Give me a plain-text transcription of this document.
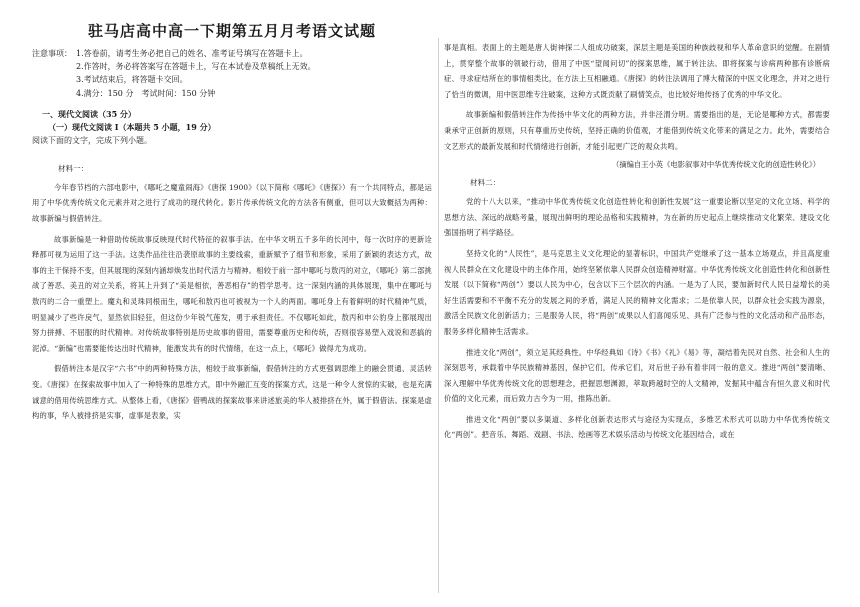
驻马店高中高一下期第五月月考语文试题
注意事项： 1.答卷前，请考生务必把自己的姓名、准考证号填写在答题卡上。
2.作答时，务必将答案写在答题卡上，写在本试卷及草稿纸上无效。
3.考试结束后，将答题卡交回。
4.满分：150 分　考试时间：150 分钟
一、现代文阅读（35 分）
（一）现代文阅读 I（本题共 5 小题，19 分）
阅读下面的文字，完成下列小题。
材料一：

今年春节档的六部电影中，《哪吒之魔童闹海》《唐探 1900》（以下简称《哪吒》《唐探》）有一个共同特点，都是运用了中华优秀传统文化元素并对之进行了成功的现代转化。影片传承传统文化的方法各有侧重，但可以大致概括为两种：故事新编与假借转注。

故事新编是一种借助传统故事反映现代时代特征的叙事手法。在中华文明五千多年的长河中，每一次时序的更新诠释都可视为运用了这一手法。这类作品往往沿袭原故事的主要线索，重新赋予了细节和形象，采用了新颖的表达方式，故事的主干保持不变，但其展现的深刻内涵却焕发出时代活力与精神。相较于前一部中哪吒与敖丙的对立，《哪吒》第二部挑战了善恶、美丑的对立关系，将其上升到了“美是相依，善恶相存”的哲学思考。这一深刻内涵的具体展现，集中在哪吒与敖丙的二合一重塑上。魔丸和灵珠同根而生，哪吒和敖丙也可被视为一个人的两面。哪吒身上有着鲜明的时代精神气质，明显减少了些许戾气，显然依旧轻狂，但这份少年锐气莲发，勇于承担责任。不仅哪吒如此，敖丙和申公豹身上都展现出努力拼搏、不屈服的时代精神。对传统故事特别是历史故事的借用，需要尊重历史和传统，否则很容易塑入戏说和恶搞的泥淖。“新编”也需要能传达出时代精神，能激发共有的时代情绪，在这一点上，《哪吒》做得尤为成功。

假借转注本是汉字“六书”中的两种特殊方法，相较于故事新编，假借转注的方式更强调思维上的融会贯通、灵活转变。《唐探》在探索故事中加入了一种特殊的思维方式，即中外融汇互变的探案方式，这是一种令人赏惊的实破，也是充满诚意的借用传统思维方式。从整体上看，《唐探》借鸭战的探案故事来讲述旅美的华人被排挤在外，属于假借法。探案是虚构的事，华人被排挤是实事，虚事是表象，实

事是真相。表面上的主题是唐人街神探二人组成功破案，深层主题是美国的种族歧视和华人革命意识的觉醒。在剧情上，贯穿整个故事的领破行动，借用了中医“望闻问切”的探案思维，属于转注法。即将探案与诊病两种都有诊断病症、寻求症结所在的事情相类比，在方法上互相融通。《唐探》的转注法调用了博大精深的中医文化理念，并对之进行了恰当的微调，用中医思维专注破案，这种方式既贡献了刷情笑点，也比较好地传扬了优秀的中华文化。

故事新编和假借转注作为传扬中华文化的两种方法，并非泾渭分明。需要指出的是，无论是哪种方式，都需要秉承守正创新的原则，只有尊重历史传统，坚持正确的价值观，才能借到传统文化带来的满足之力。此外，需要结合文艺形式的最新发展和时代情绪进行创新，才能引起更广泛的观众共鸣。

（摘编自王小英《电影叙事对中华优秀传统文化的创造性转化》）
材料二：

党的十八大以来，“推动中华优秀传统文化创造性转化和创新性发展”这一重要论断以坚定的文化立场、科学的思想方法、深远的战略考量，展现出鲜明的理论品格和实践精神，为在新的历史起点上继续推动文化繁荣、建设文化强国指明了科学路径。

坚持文化的“人民性”，是马克思主义文化理论的显著标识，中国共产党继承了这一基本立场观点，并且高度重视人民群众在文化建设中的主体作用，始终坚紧依靠人民群众创造精神财富。中华优秀传统文化创造性转化和创新性发展（以下简称“两创”）要以人民为中心，包含以下三个层次的内涵。一是为了人民，要加新时代人民日益增长的美好生活需要和不平衡不充分的发展之间的矛盾，满足人民的精神文化需求；二是依靠人民，以群众社会实践为源泉，激活全民族文化创新活力；三是服务人民，将“两创”成果以人们喜闻乐见、具有广泛参与性的文化活动和产品形态，服务多样化精神生活需求。

推进文化“两创”，须立足其经典性。中华经典如《诗》《书》《礼》《易》等，凝结着先民对自然、社会和人生的深刻思考，承载着中华民族精神基因，保护它们，传承它们，对后世子孙有着非同一般的意义。推进“两创”要清晰、深入理解中华优秀传统文化的思想理念，把握思想渊源，萃取跨越时空的人文精神，发掘其中蕴含有恒久意义和时代价值的文化元素，而后致力古今为一用，推陈出新。

推进文化“两创”要以多渠道、多样化创新表达形式与途径为实现点，多维艺术形式可以助力中华优秀传统文化“两创”。把音乐、舞蹈、戏剧、书法、绘画等艺术娱乐活动与传统文化基因结合，或在
